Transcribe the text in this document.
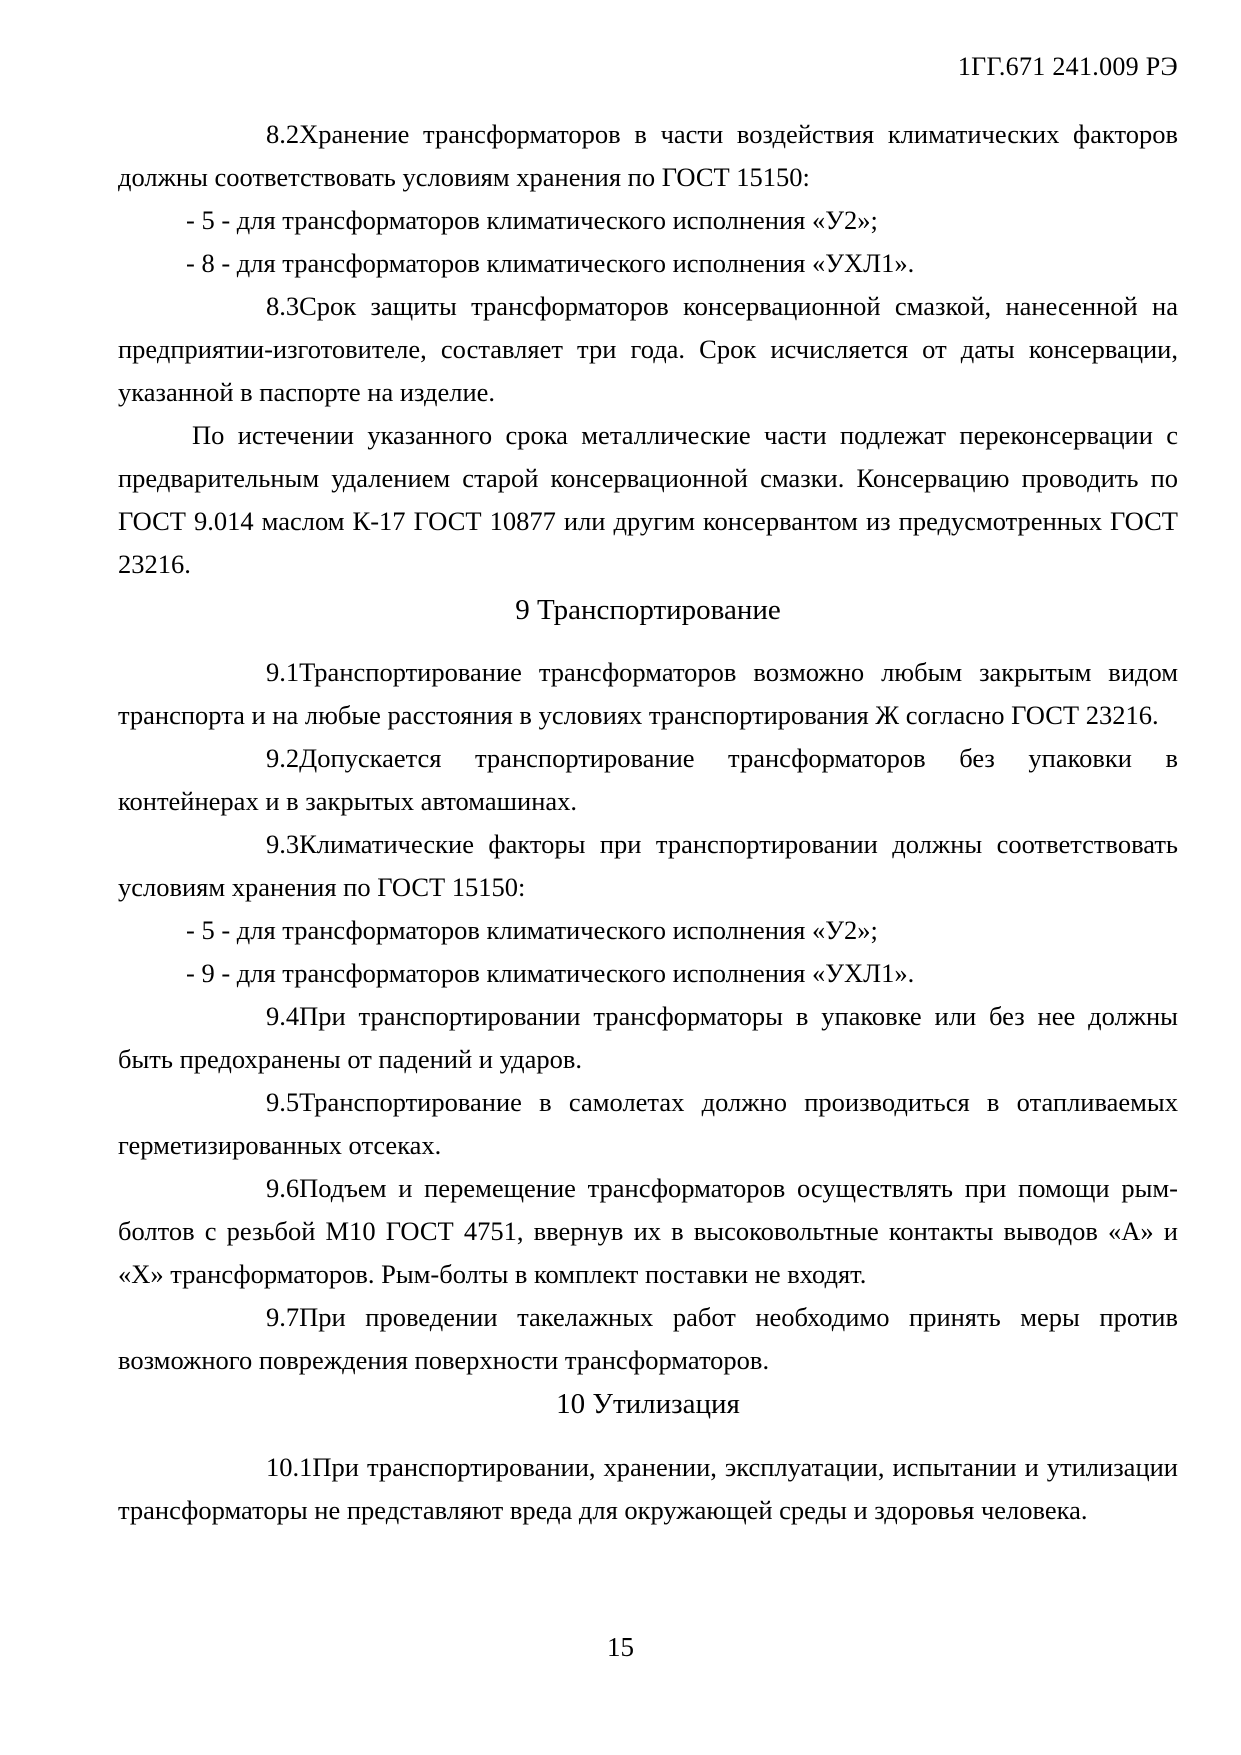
1ГГ.671 241.009 РЭ

8.2Хранение трансформаторов в части воздействия климатических факторов должны соответствовать условиям хранения по ГОСТ 15150:

- 5 - для трансформаторов климатического исполнения «У2»;

- 8 - для трансформаторов климатического исполнения «УХЛ1».

8.3Срок защиты трансформаторов консервационной смазкой, нанесенной на предприятии-изготовителе, составляет три года. Срок исчисляется от даты консервации, указанной в паспорте на изделие.

По истечении указанного срока металлические части подлежат переконсервации с предварительным удалением старой консервационной смазки. Консервацию проводить по ГОСТ 9.014 маслом К-17 ГОСТ 10877 или другим консервантом из предусмотренных ГОСТ 23216.

9 Транспортирование

9.1Транспортирование трансформаторов возможно любым закрытым видом транспорта и на любые расстояния в условиях транспортирования Ж согласно ГОСТ 23216.

9.2Допускается транспортирование трансформаторов без упаковки в контейнерах и в закрытых автомашинах.

9.3Климатические факторы при транспортировании должны соответствовать условиям хранения по ГОСТ 15150:

- 5 - для трансформаторов климатического исполнения «У2»;

- 9 - для трансформаторов климатического исполнения «УХЛ1».

9.4При транспортировании трансформаторы в упаковке или без нее должны быть предохранены от падений и ударов.

9.5Транспортирование в самолетах должно производиться в отапливаемых герметизированных отсеках.

9.6Подъем и перемещение трансформаторов осуществлять при помощи рым-болтов с резьбой М10 ГОСТ 4751, ввернув их в высоковольтные контакты выводов «А» и «Х» трансформаторов. Рым-болты в комплект поставки не входят.

9.7При проведении такелажных работ необходимо принять меры против возможного повреждения поверхности трансформаторов.

10 Утилизация

10.1При транспортировании, хранении, эксплуатации, испытании и утилизации трансформаторы не представляют вреда для окружающей среды и здоровья человека.

15
